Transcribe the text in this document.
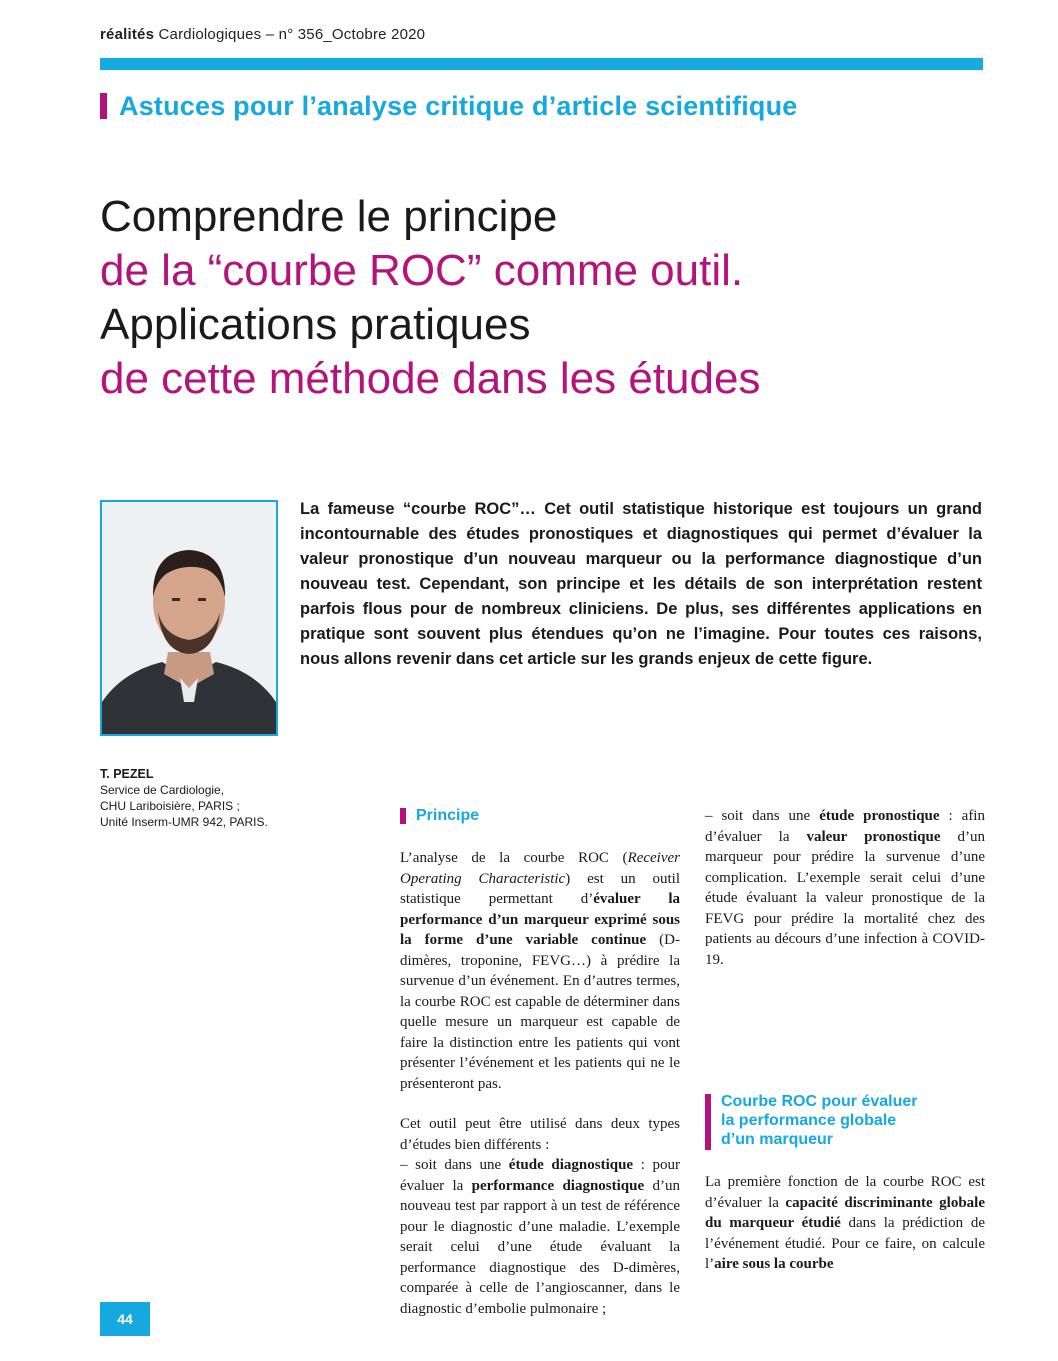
réalités Cardiologiques – n° 356_Octobre 2020
Astuces pour l’analyse critique d’article scientifique
Comprendre le principe
de la “courbe ROC” comme outil.
Applications pratiques
de cette méthode dans les études
La fameuse “courbe ROC”… Cet outil statistique historique est toujours un grand incontournable des études pronostiques et diagnostiques qui permet d’évaluer la valeur pronostique d’un nouveau marqueur ou la performance diagnostique d’un nouveau test. Cependant, son principe et les détails de son interprétation restent parfois flous pour de nombreux cliniciens. De plus, ses différentes applications en pratique sont souvent plus étendues qu’on ne l’imagine. Pour toutes ces raisons, nous allons revenir dans cet article sur les grands enjeux de cette figure.
T. PEZEL
Service de Cardiologie,
CHU Lariboisière, PARIS ;
Unité Inserm-UMR 942, PARIS.	Principe

L’analyse de la courbe ROC (Receiver Operating Characteristic) est un outil statistique permettant d’évaluer la performance d’un marqueur exprimé sous la forme d’une variable continue (D-dimères, troponine, FEVG…) à prédire la survenue d’un événement. En d’autres termes, la courbe ROC est capable de déterminer dans quelle mesure un marqueur est capable de faire la distinction entre les patients qui vont présenter l’événement et les patients qui ne le présenteront pas.

Cet outil peut être utilisé dans deux types d’études bien différents :

– soit dans une étude diagnostique : pour évaluer la performance diagnostique d’un nouveau test par rapport à un test de référence pour le diagnostic d’une maladie. L’exemple serait celui d’une étude évaluant la performance diagnostique des D-dimères, comparée à celle de l’angioscanner, dans le diagnostic d’embolie pulmonaire ;

– soit dans une étude pronostique : afin d’évaluer la valeur pronostique d’un marqueur pour prédire la survenue d’une complication. L’exemple serait celui d’une étude évaluant la valeur pronostique de la FEVG pour prédire la mortalité chez des patients au décours d’une infection à COVID-19.

Courbe ROC pour évaluer
la performance globale
d’un marqueur

La première fonction de la courbe ROC est d’évaluer la capacité discriminante globale du marqueur étudié dans la prédiction de l’événement étudié. Pour ce faire, on calcule l’aire sous la courbe

44
